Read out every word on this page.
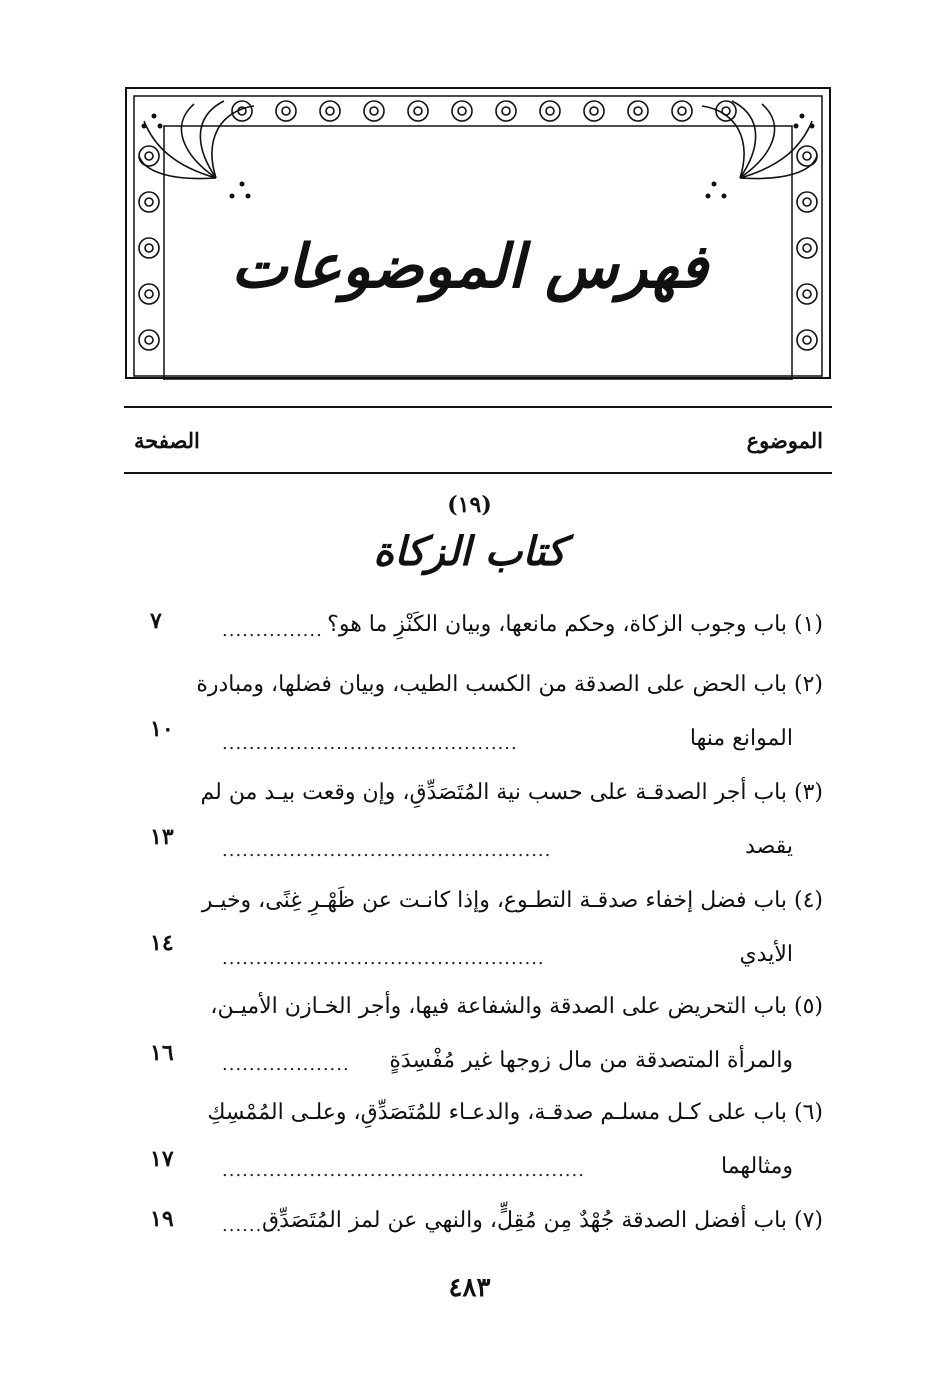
فهرس الموضوعات
الموضوع
الصفحة
(١٩)
كتاب الزكاة
(١) باب وجوب الزكاة، وحكم مانعها، وبيان الكَنْزِ ما هو؟
...............
٧
(٢) باب الحض على الصدقة من الكسب الطيب، وبيان فضلها، ومبادرة
الموانع منها
............................................
١٠
(٣) باب أجر الصدقـة على حسب نية المُتَصَدِّقِ، وإن وقعت بيـد من لم
يقصد
.................................................
١٣
(٤) باب فضل إخفاء صدقـة التطـوع، وإذا كانـت عن ظَهْـرِ غِنًى، وخيـر
الأيدي
................................................
١٤
(٥) باب التحريض على الصدقة والشفاعة فيها، وأجر الخـازن الأميـن،
والمرأة المتصدقة من مال زوجها غير مُفْسِدَةٍ
...................
١٦
(٦) باب على كـل مسلـم صدقـة، والدعـاء للمُتَصَدِّقِ، وعلـى المُمْسِكِ
ومثالهما
......................................................
١٧
(٧) باب أفضل الصدقة جُهْدٌ مِن مُقِلٍّ، والنهي عن لمز المُتَصَدِّق
.........
١٩
٤٨٣
